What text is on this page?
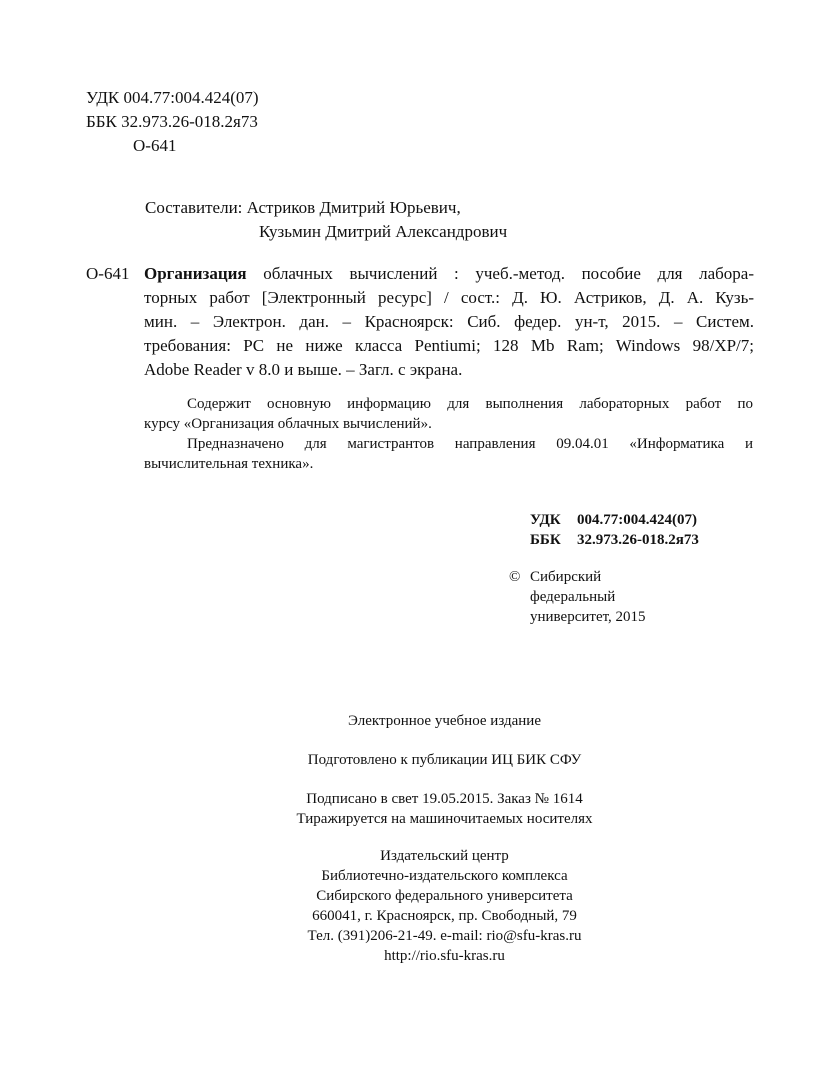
УДК 004.77:004.424(07)
ББК 32.973.26-018.2я73
О-641
Составители: Астриков Дмитрий Юрьевич,
Кузьмин Дмитрий Александрович
О-641 Организация облачных вычислений : учеб.-метод. пособие для лабора-
торных работ [Электронный ресурс] / сост.: Д. Ю. Астриков, Д. А. Кузь-
мин. – Электрон. дан. – Красноярск: Сиб. федер. ун-т, 2015. – Систем.
требования: PC не ниже класса Pentiumi; 128 Mb Ram; Windows 98/XP/7;
Adobe Reader v 8.0 и выше. – Загл. с экрана.
Содержит основную информацию для выполнения лабораторных работ по
курсу «Организация облачных вычислений».
Предназначено для магистрантов направления 09.04.01 «Информатика и
вычислительная техника».
УДК 004.77:004.424(07)
ББК 32.973.26-018.2я73
© Сибирский
федеральный
университет, 2015
Электронное учебное издание
Подготовлено к публикации ИЦ БИК СФУ
Подписано в свет 19.05.2015. Заказ № 1614
Тиражируется на машиночитаемых носителях
Издательский центр
Библиотечно-издательского комплекса
Сибирского федерального университета
660041, г. Красноярск, пр. Свободный, 79
Тел. (391)206-21-49. e-mail: rio@sfu-kras.ru
http://rio.sfu-kras.ru
